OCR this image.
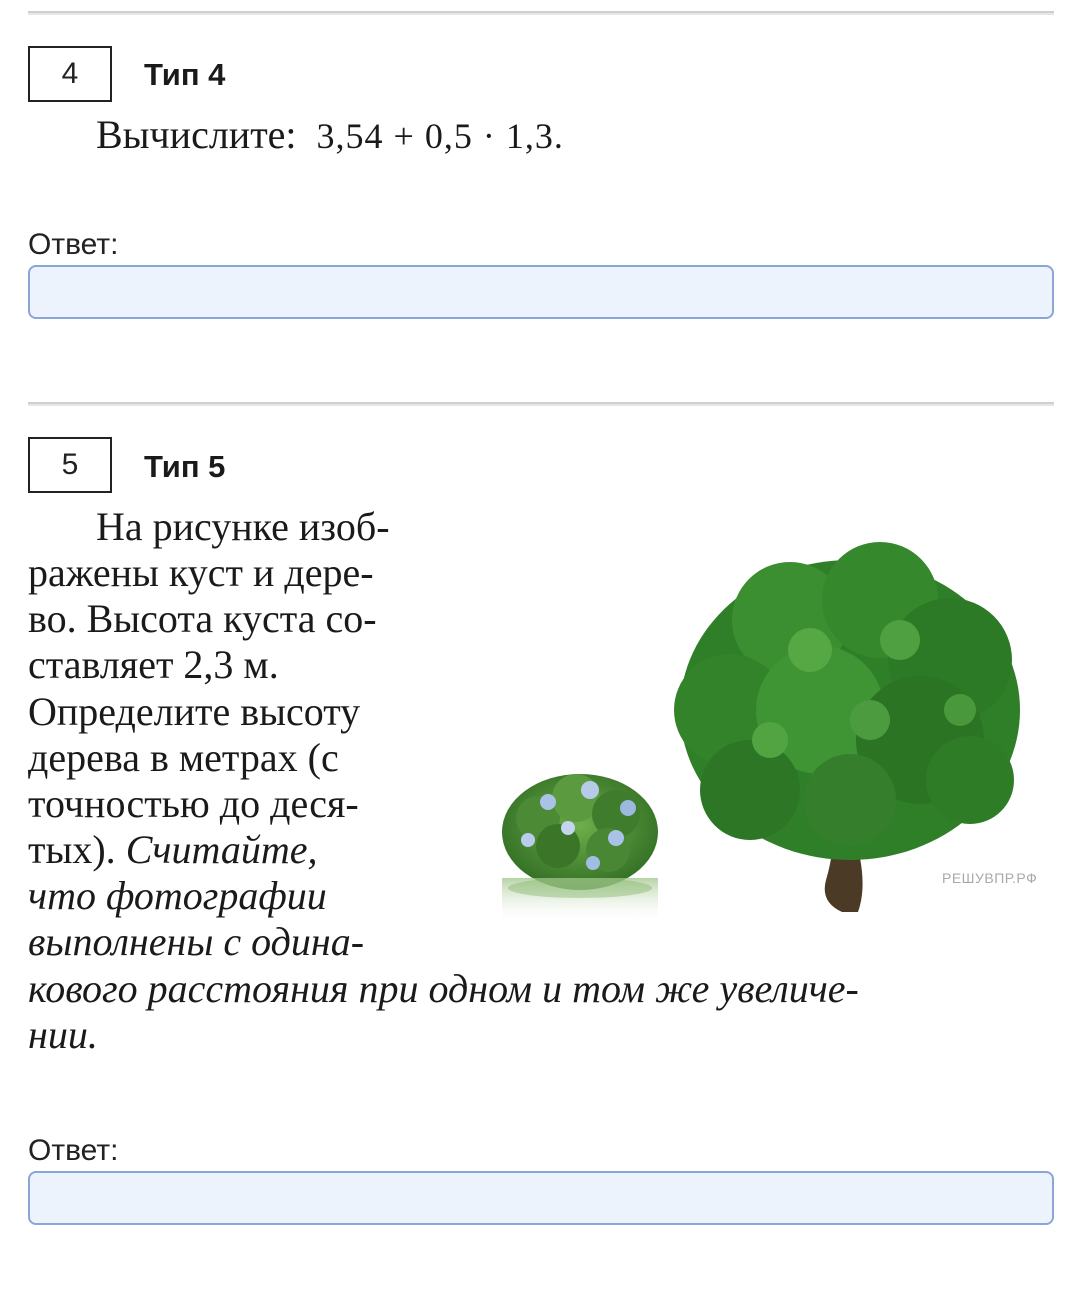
4	Тип 4
Вычислите: 3,54 + 0,5 · 1,3.
Ответ:
5	Тип 5
На рисунке изоб-
ражены куст и дере-
во. Высота куста со-
ставляет 2,3 м.
Определите высоту
дерева в метрах (с
точностью до деся-
тых). Считайте,
что фотографии
выполнены с одина-
кового расстояния при одном и том же увеличе-
нии.
РЕШУВПР.РФ
Ответ:
